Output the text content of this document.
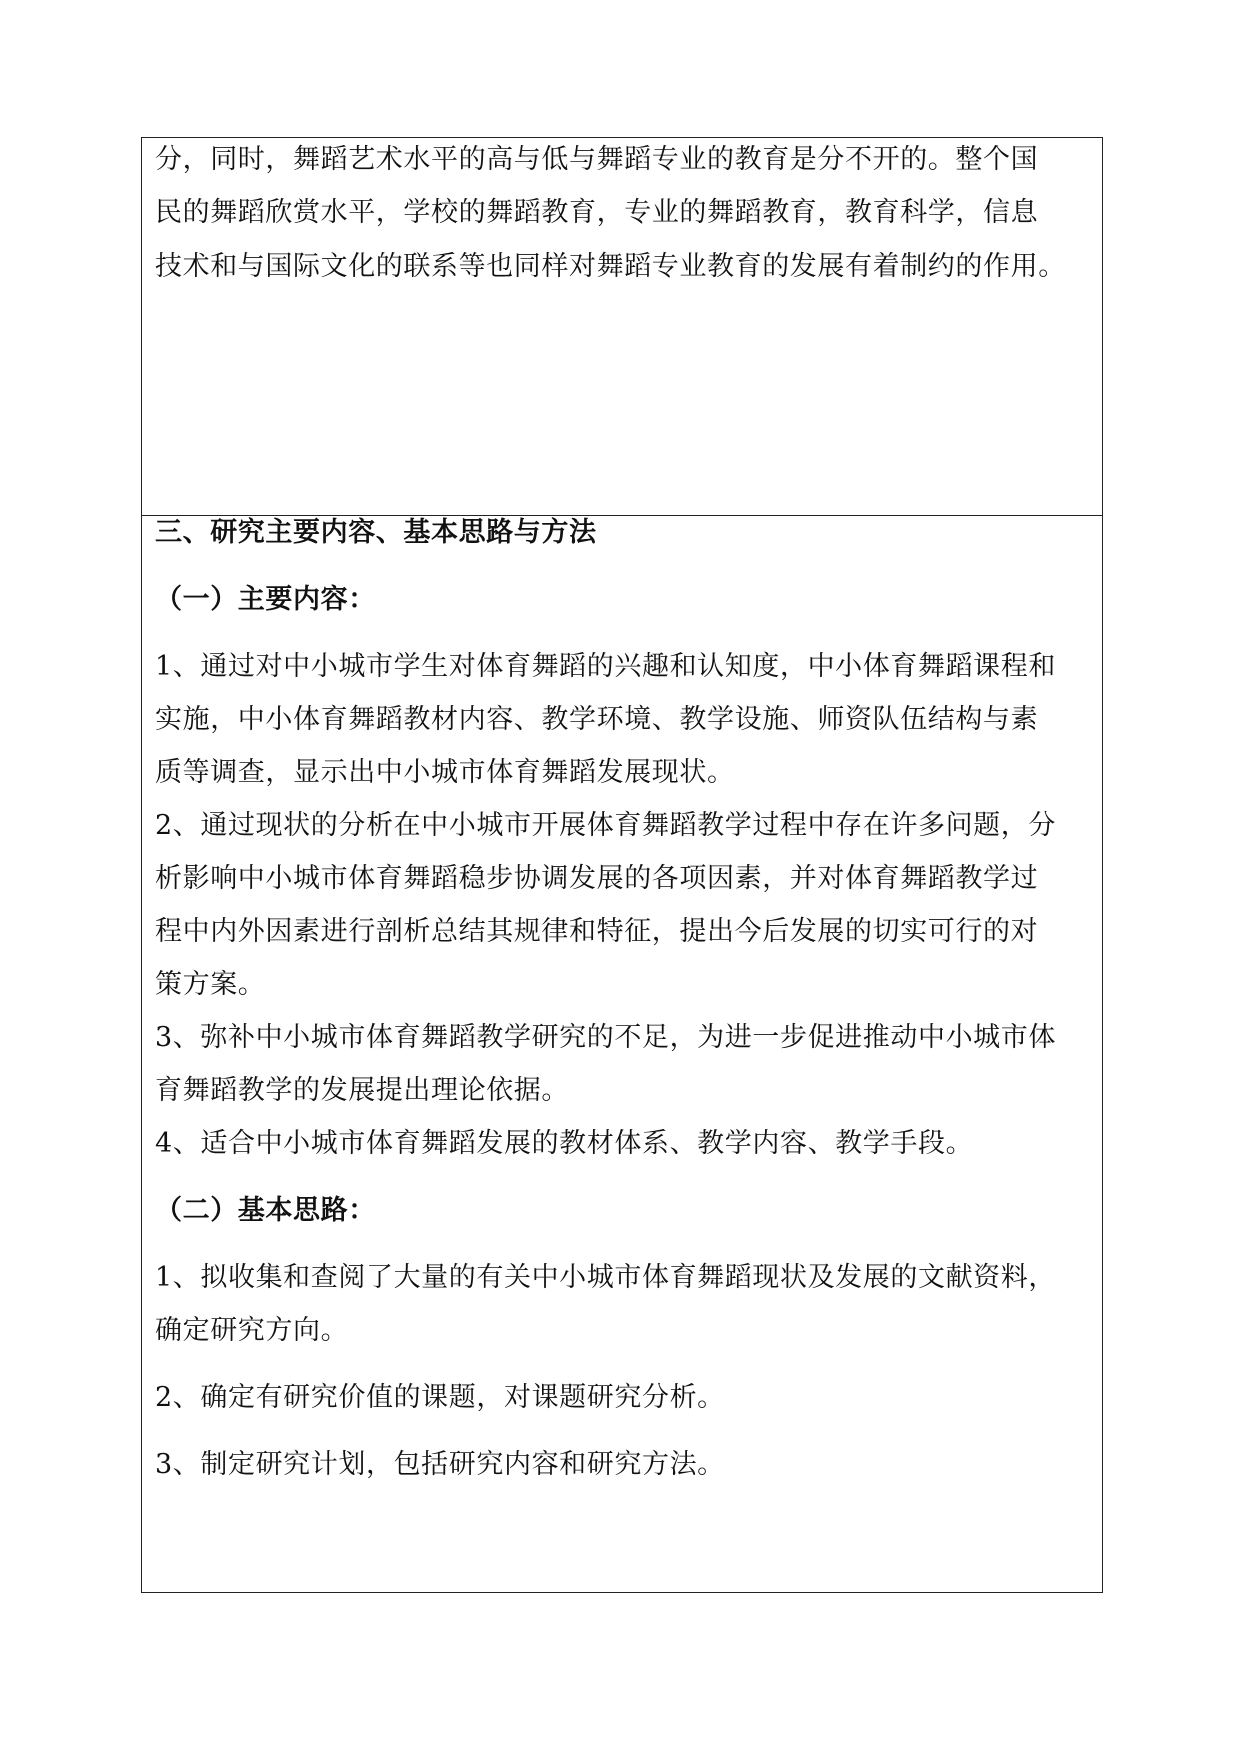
分，同时，舞蹈艺术水平的高与低与舞蹈专业的教育是分不开的。整个国
民的舞蹈欣赏水平，学校的舞蹈教育，专业的舞蹈教育，教育科学，信息
技术和与国际文化的联系等也同样对舞蹈专业教育的发展有着制约的作用。
三、研究主要内容、基本思路与方法
（一）主要内容：
1、通过对中小城市学生对体育舞蹈的兴趣和认知度，中小体育舞蹈课程和
实施，中小体育舞蹈教材内容、教学环境、教学设施、师资队伍结构与素
质等调查，显示出中小城市体育舞蹈发展现状。
2、通过现状的分析在中小城市开展体育舞蹈教学过程中存在许多问题，分
析影响中小城市体育舞蹈稳步协调发展的各项因素，并对体育舞蹈教学过
程中内外因素进行剖析总结其规律和特征，提出今后发展的切实可行的对
策方案。
3、弥补中小城市体育舞蹈教学研究的不足，为进一步促进推动中小城市体
育舞蹈教学的发展提出理论依据。
4、适合中小城市体育舞蹈发展的教材体系、教学内容、教学手段。
（二）基本思路：
1、拟收集和查阅了大量的有关中小城市体育舞蹈现状及发展的文献资料，
确定研究方向。
2、确定有研究价值的课题，对课题研究分析。
3、制定研究计划，包括研究内容和研究方法。
